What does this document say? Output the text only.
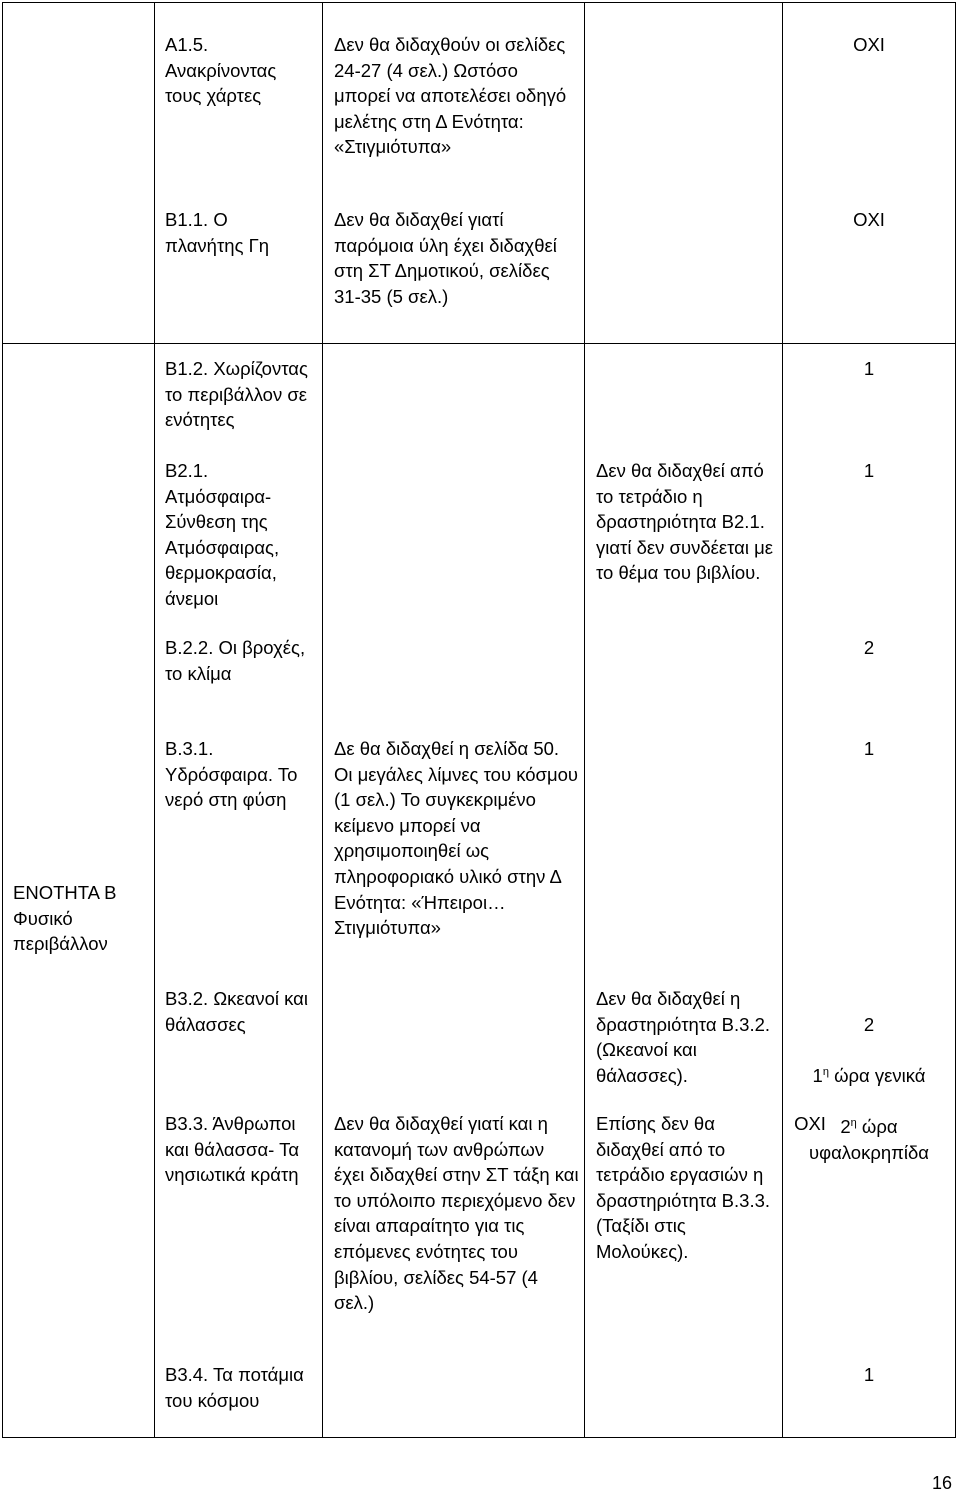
Α1.5. Ανακρίνοντας τους χάρτες
Δεν θα διδαχθούν οι σελίδες 24-27 (4 σελ.) Ωστόσο μπορεί να αποτελέσει οδηγό μελέτης στη Δ Ενότητα: «Στιγμιότυπα»
ΟΧΙ
Β1.1. Ο πλανήτης Γη
Δεν θα διδαχθεί γιατί παρόμοια ύλη έχει διδαχθεί στη ΣΤ Δημοτικού, σελίδες 31-35 (5 σελ.)
ΟΧΙ
Β1.2. Χωρίζοντας το περιβάλλον σε ενότητες
1
Β2.1. Ατμόσφαιρα- Σύνθεση της Ατμόσφαιρας, θερμοκρασία, άνεμοι
Δεν θα διδαχθεί από το τετράδιο η δραστηριότητα Β2.1. γιατί δεν συνδέεται με το θέμα του βιβλίου.
1
Β.2.2. Οι βροχές, το κλίμα
2
ΕΝΟΤΗΤΑ Β Φυσικό περιβάλλον
Β.3.1. Υδρόσφαιρα. Το νερό στη φύση
Δε θα διδαχθεί η σελίδα 50. Οι μεγάλες λίμνες του κόσμου (1 σελ.) Το συγκεκριμένο κείμενο μπορεί να χρησιμοποιηθεί ως πληροφοριακό υλικό στην Δ Ενότητα: «Ήπειροι… Στιγμιότυπα»
1
Β3.2. Ωκεανοί και θάλασσες
Δεν θα διδαχθεί η δραστηριότητα Β.3.2. (Ωκεανοί και θάλασσες).

2

$1^\eta$ ώρα γενικά

$2^\eta$ ώρα υφαλοκρηπίδα

Β3.3. Άνθρωποι και θάλασσα- Τα νησιωτικά κράτη
Δεν θα διδαχθεί γιατί και η κατανομή των ανθρώπων έχει διδαχθεί στην ΣΤ τάξη και το υπόλοιπο περιεχόμενο δεν είναι απαραίτητο για τις επόμενες ενότητες του βιβλίου, σελίδες 54-57 (4 σελ.)
Επίσης δεν θα διδαχθεί από το τετράδιο εργασιών η δραστηριότητα Β.3.3. (Ταξίδι στις Μολούκες).
ΟΧΙ
Β3.4. Τα ποτάμια του κόσμου
1
16
